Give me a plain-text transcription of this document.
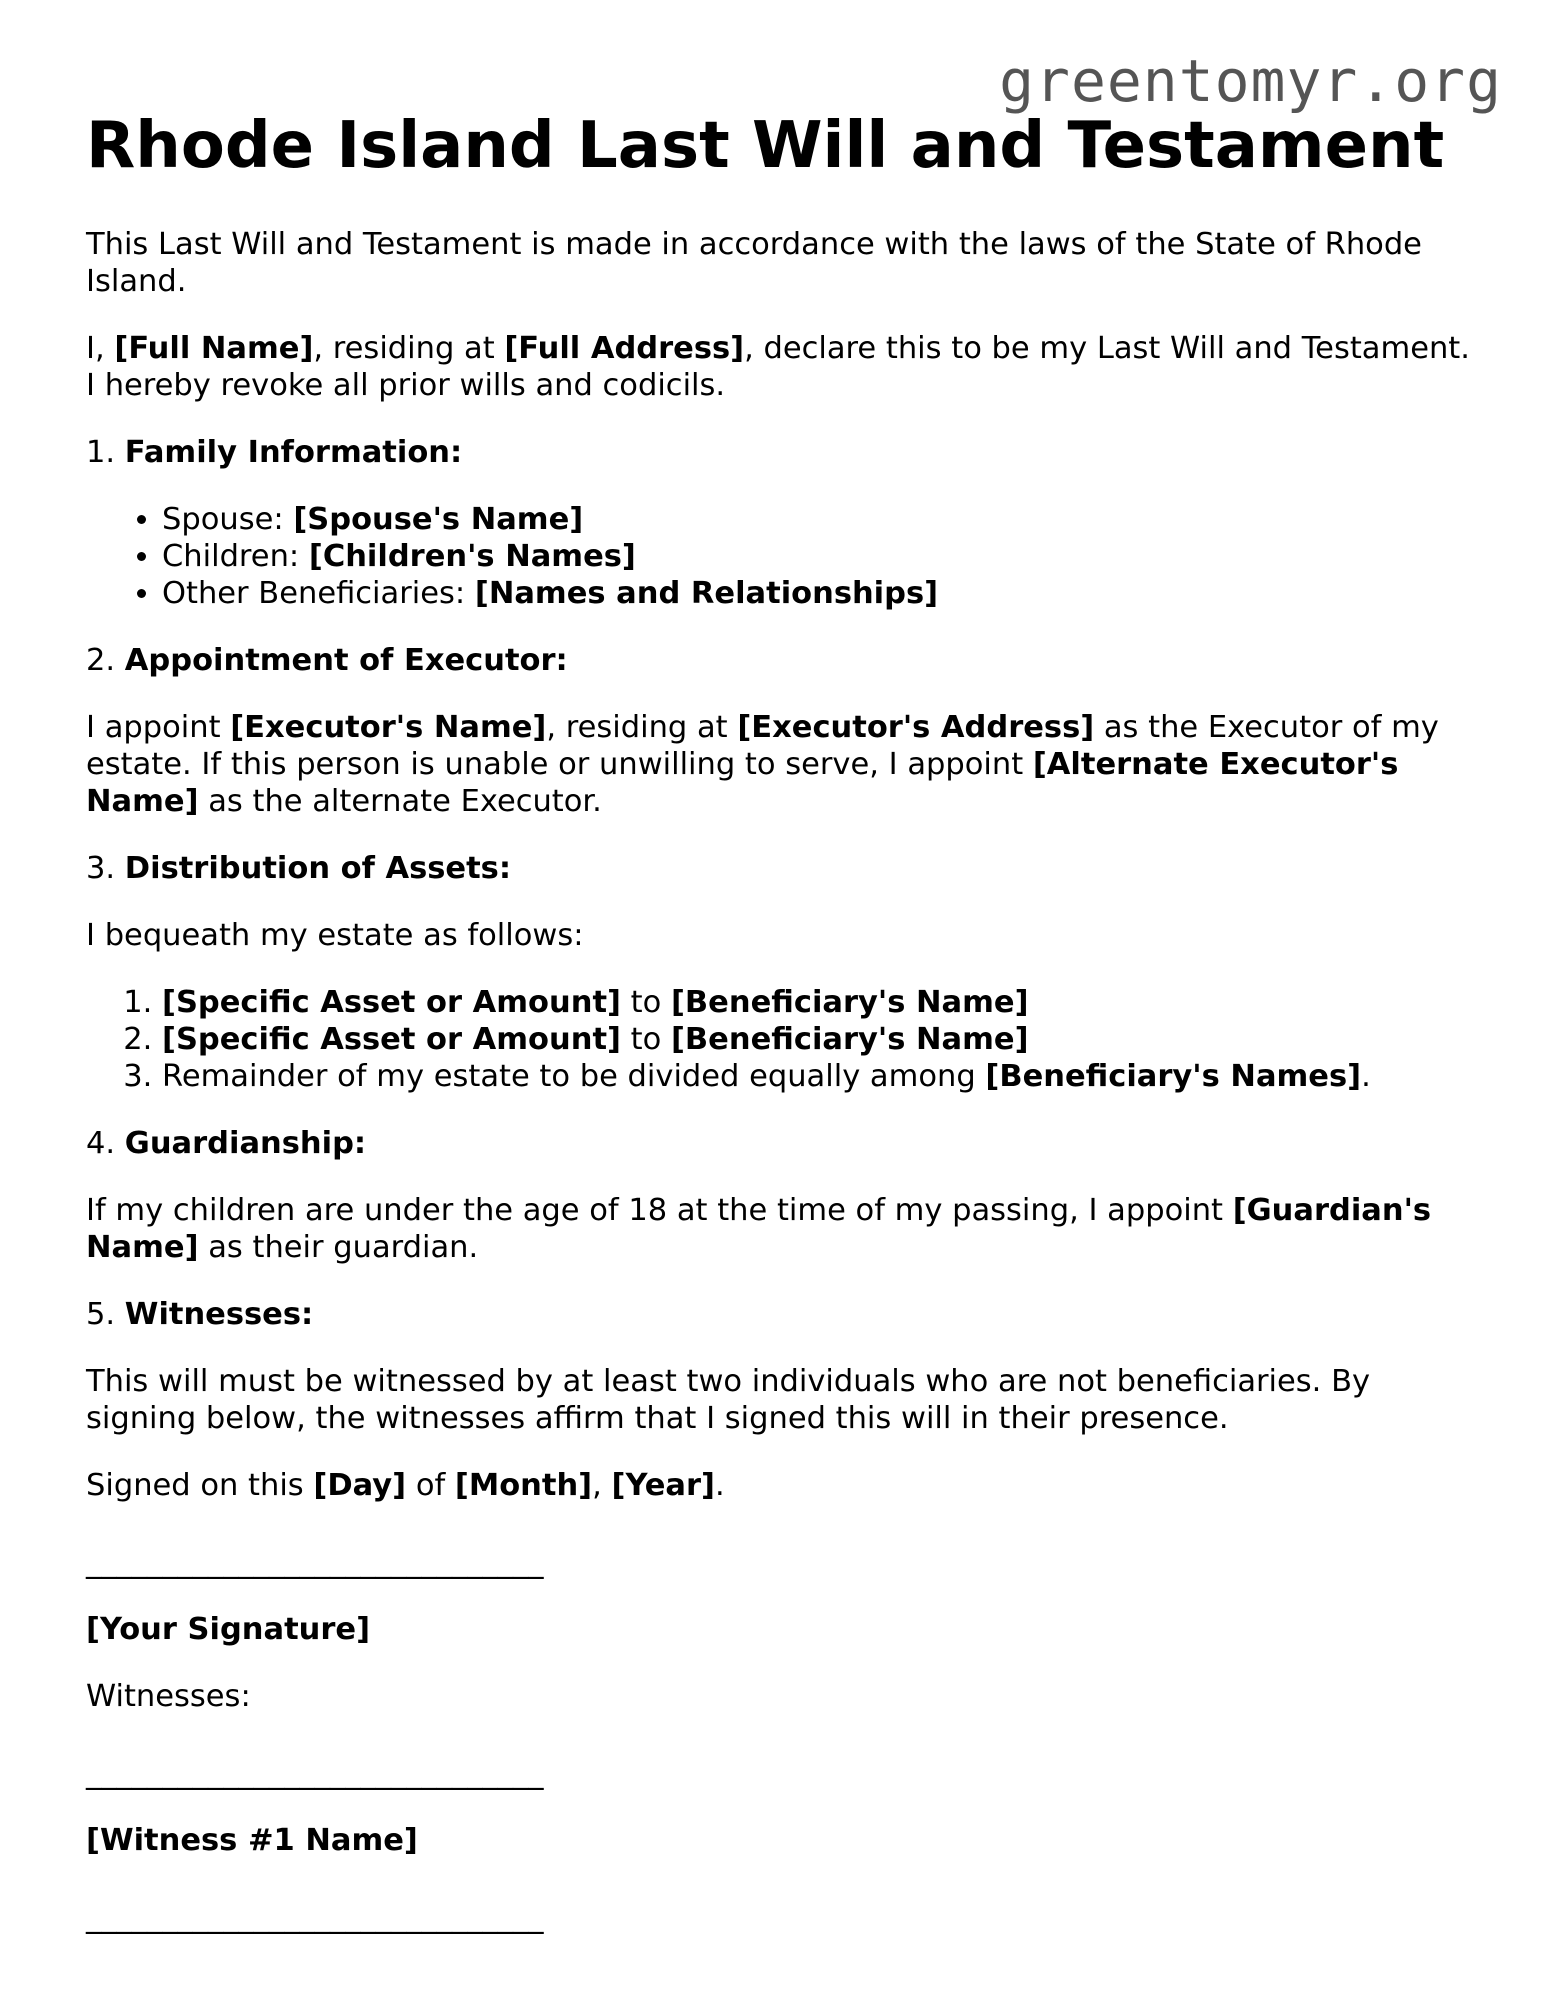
greentomyr.org
Rhode Island Last Will and Testament

This Last Will and Testament is made in accordance with the laws of the State of Rhode Island.

I, [Full Name], residing at [Full Address], declare this to be my Last Will and Testament. I hereby revoke all prior wills and codicils.

1. Family Information:

• Spouse: [Spouse's Name]
• Children: [Children's Names]
• Other Beneficiaries: [Names and Relationships]

2. Appointment of Executor:

I appoint [Executor's Name], residing at [Executor's Address] as the Executor of my estate. If this person is unable or unwilling to serve, I appoint [Alternate Executor's Name] as the alternate Executor.

3. Distribution of Assets:

I bequeath my estate as follows:

1. [Specific Asset or Amount] to [Beneficiary's Name]
2. [Specific Asset or Amount] to [Beneficiary's Name]
3. Remainder of my estate to be divided equally among [Beneficiary's Names].

4. Guardianship:

If my children are under the age of 18 at the time of my passing, I appoint [Guardian's Name] as their guardian.

5. Witnesses:

This will must be witnessed by at least two individuals who are not beneficiaries. By signing below, the witnesses affirm that I signed this will in their presence.

Signed on this [Day] of [Month], [Year].

______________________________

[Your Signature]

Witnesses:

______________________________

[Witness #1 Name]

______________________________
